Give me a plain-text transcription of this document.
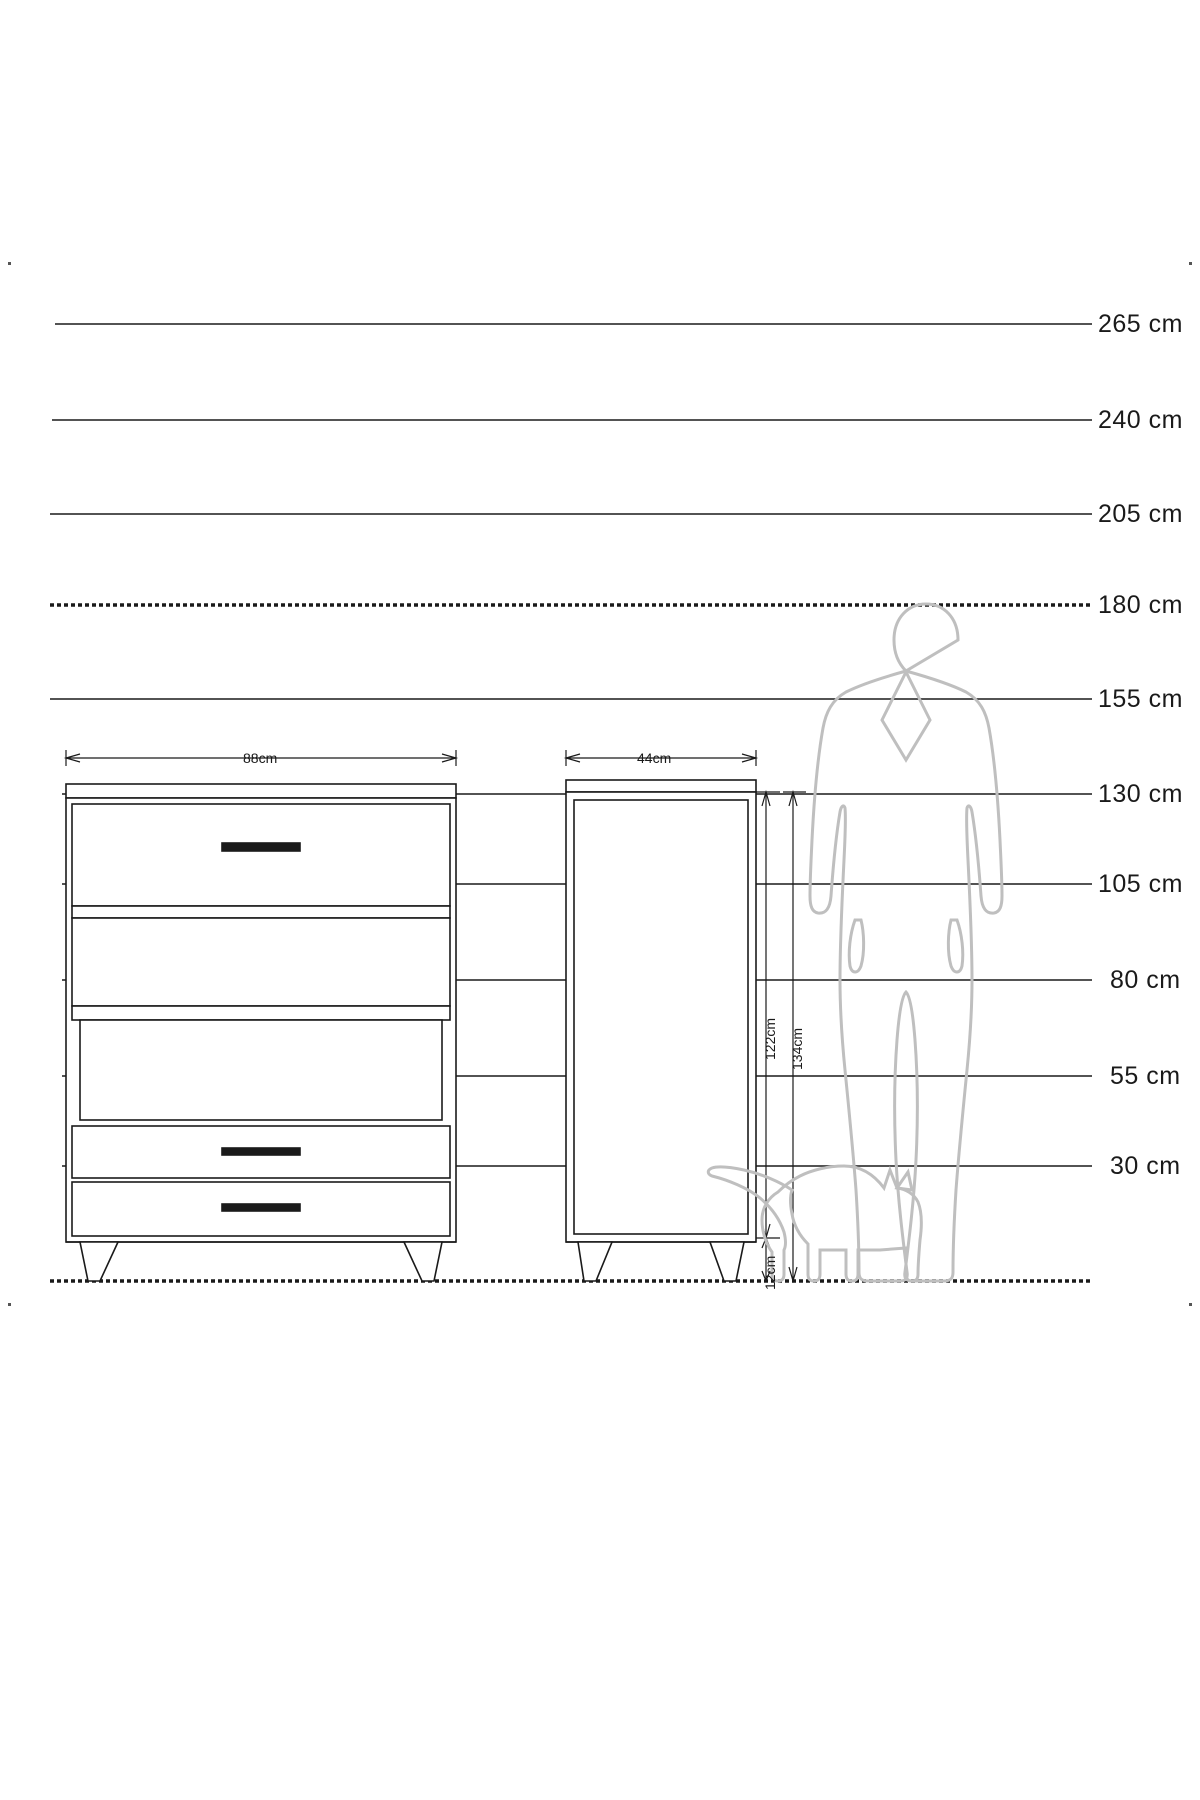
265 cm
240 cm
205 cm
180 cm
155 cm
130 cm
105 cm
80 cm
55 cm
30 cm
88cm	44cm
122cm 134cm
12cm
